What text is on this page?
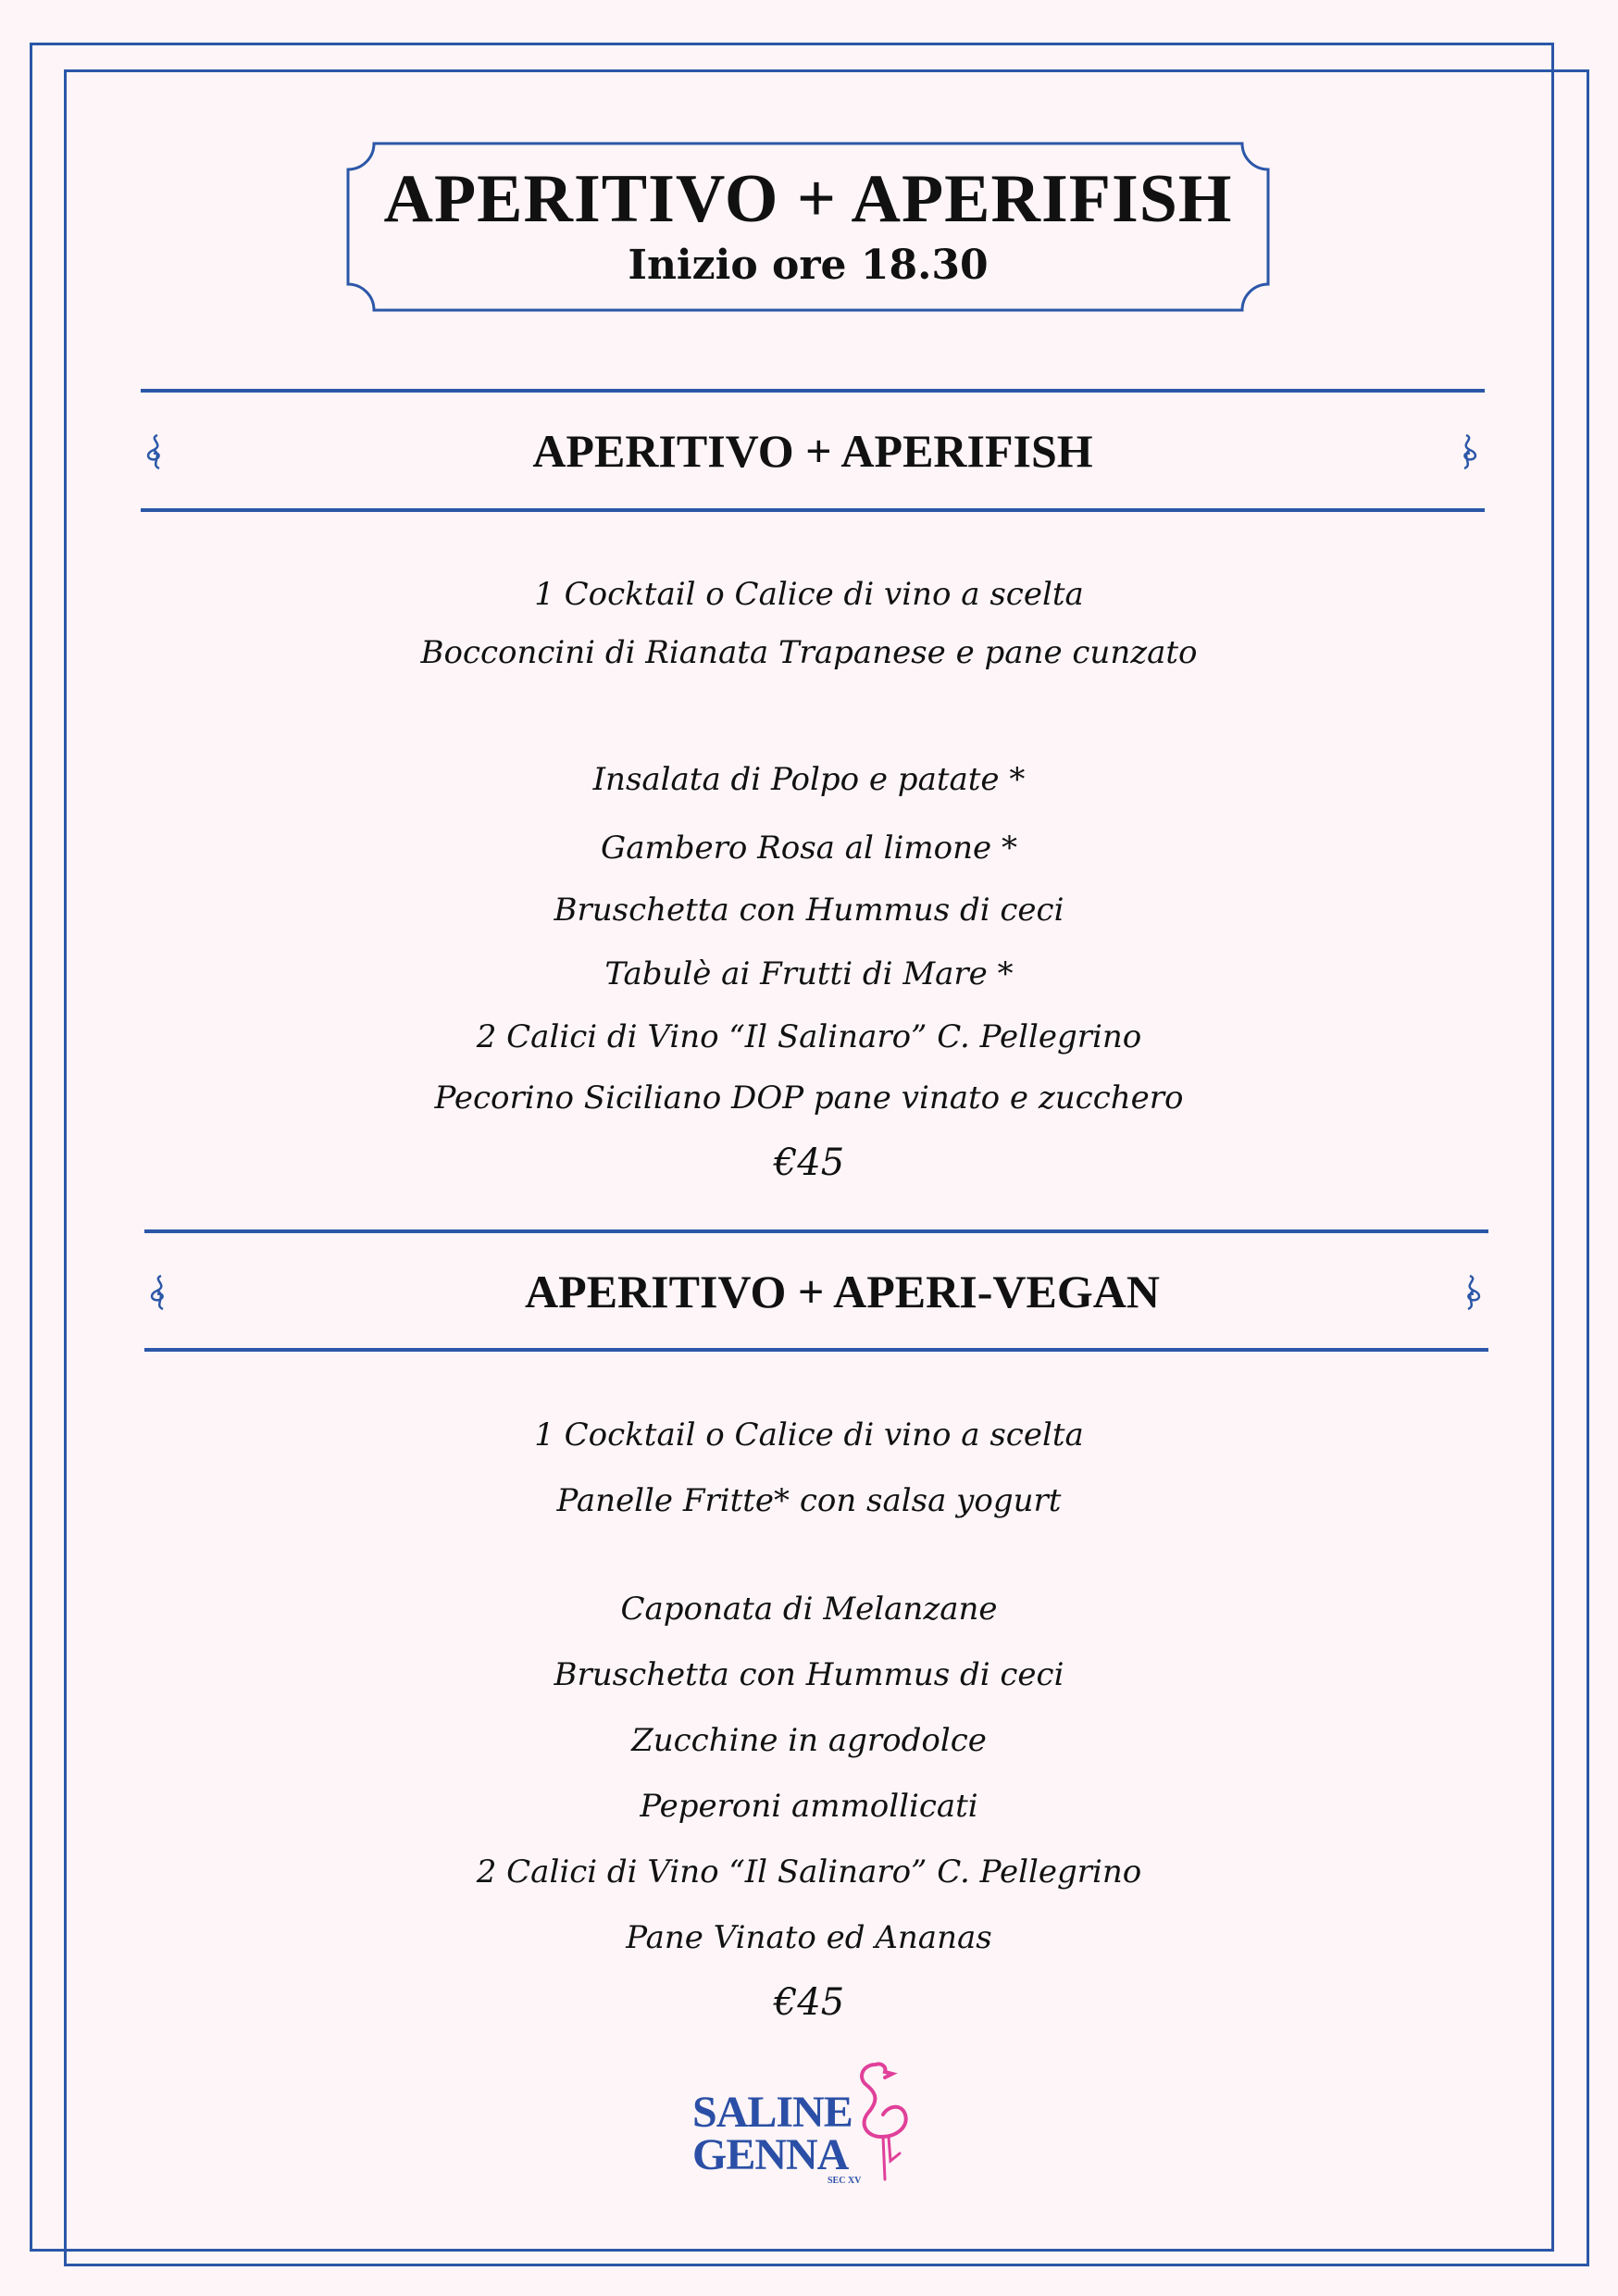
APERITIVO + APERIFISH
Inizio ore 18.30
APERITIVO + APERIFISH
1 Cocktail o Calice di vino a scelta
Bocconcini di Rianata Trapanese e pane cunzato
Insalata di Polpo e patate *
Gambero Rosa al limone *
Bruschetta con Hummus di ceci
Tabulè ai Frutti di Mare *
2 Calici di Vino “Il Salinaro” C. Pellegrino
Pecorino Siciliano DOP pane vinato e zucchero
€45
APERITIVO + APERI-VEGAN
1 Cocktail o Calice di vino a scelta
Panelle Fritte* con salsa yogurt
Caponata di Melanzane
Bruschetta con Hummus di ceci
Zucchine in agrodolce
Peperoni ammollicati
2 Calici di Vino “Il Salinaro” C. Pellegrino
Pane Vinato ed Ananas
€45
SALINE
GENNA
SEC XV
